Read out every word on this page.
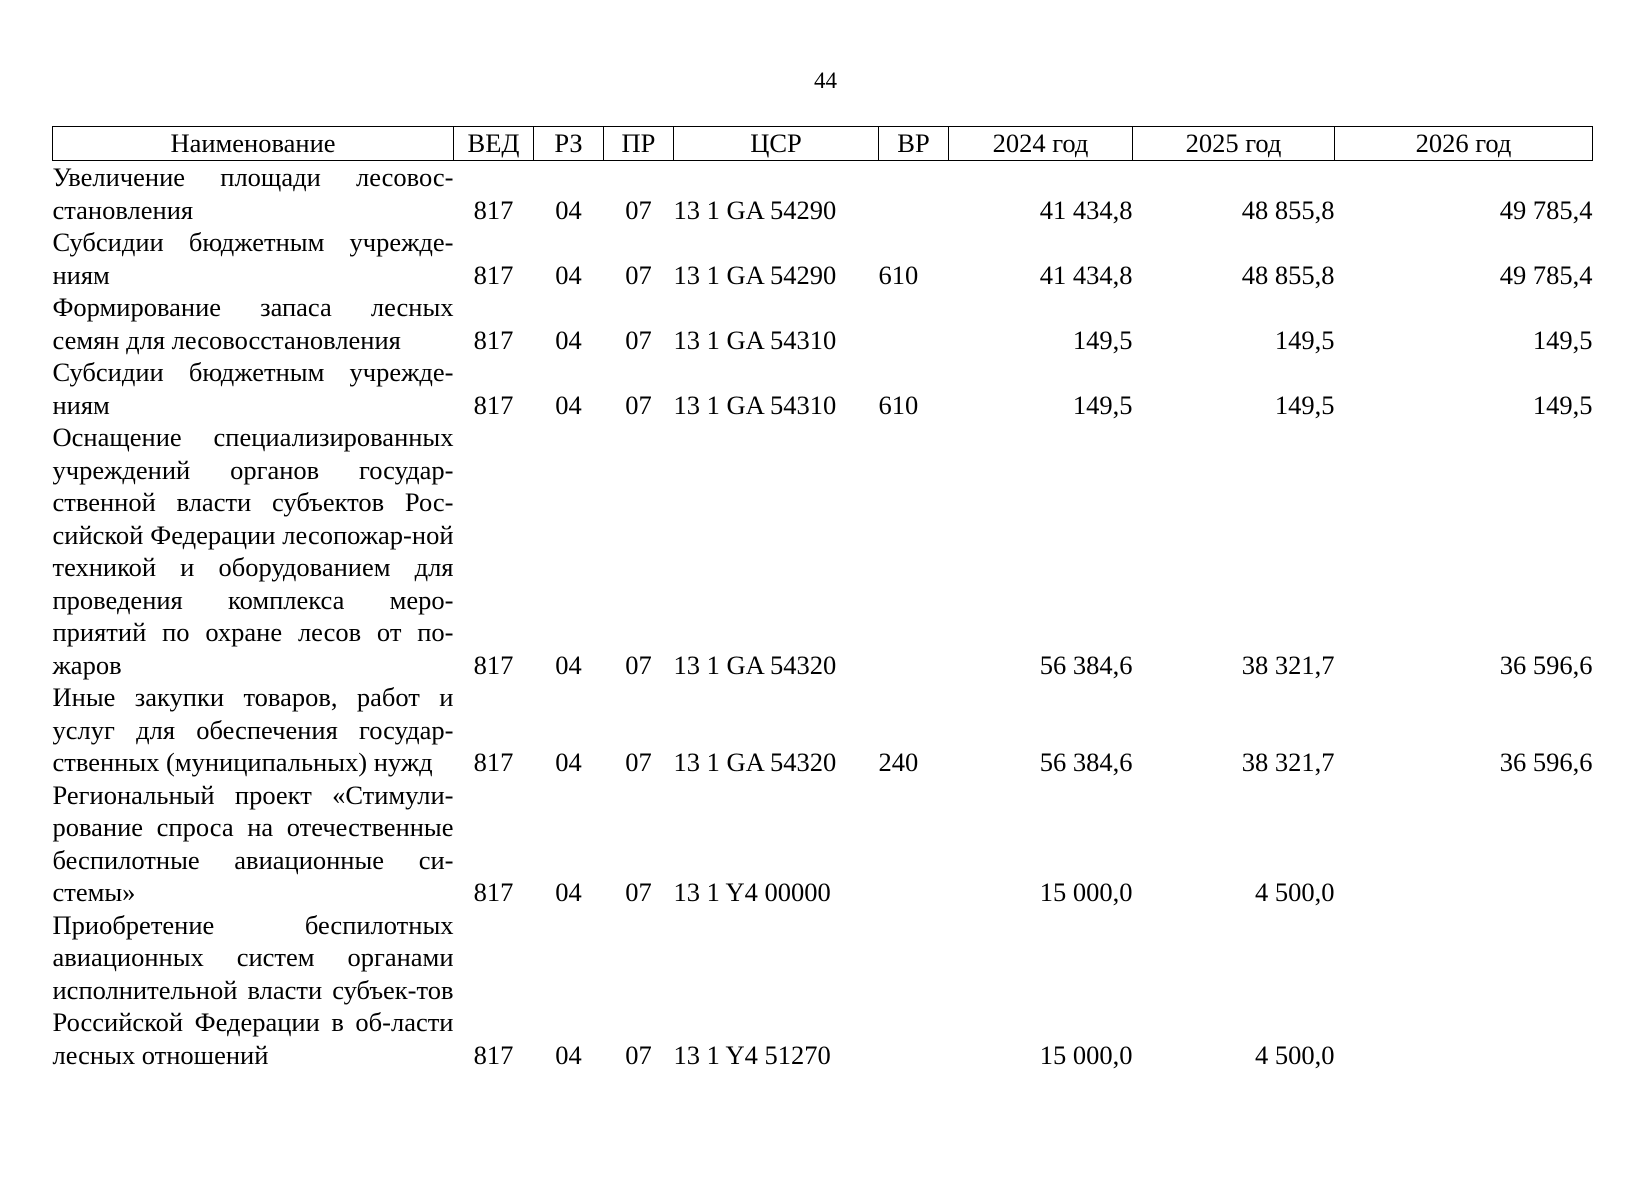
44
Наименование	ВЕД	РЗ	ПР	ЦСР	ВР	2024 год	2025 год	2026 год
Увеличение площади лесовос-становления	817	04	07	13 1 GA 54290		41 434,8	48 855,8	49 785,4
Субсидии бюджетным учрежде-ниям	817	04	07	13 1 GA 54290	610	41 434,8	48 855,8	49 785,4
Формирование запаса лесных семян для лесовосстановления	817	04	07	13 1 GA 54310		149,5	149,5	149,5
Субсидии бюджетным учрежде-ниям	817	04	07	13 1 GA 54310	610	149,5	149,5	149,5
Оснащение специализированных учреждений органов государ-ственной власти субъектов Рос-сийской Федерации лесопожар-ной техникой и оборудованием для проведения комплекса меро-приятий по охране лесов от по-жаров	817	04	07	13 1 GA 54320		56 384,6	38 321,7	36 596,6
Иные закупки товаров, работ и услуг для обеспечения государ-ственных (муниципальных) нужд	817	04	07	13 1 GA 54320	240	56 384,6	38 321,7	36 596,6
Региональный проект «Стимули-рование спроса на отечественные беспилотные авиационные си-стемы»	817	04	07	13 1 Y4 00000		15 000,0	4 500,0	
Приобретение беспилотных авиационных систем органами исполнительной власти субъек-тов Российской Федерации в об-ласти лесных отношений	817	04	07	13 1 Y4 51270		15 000,0	4 500,0	
